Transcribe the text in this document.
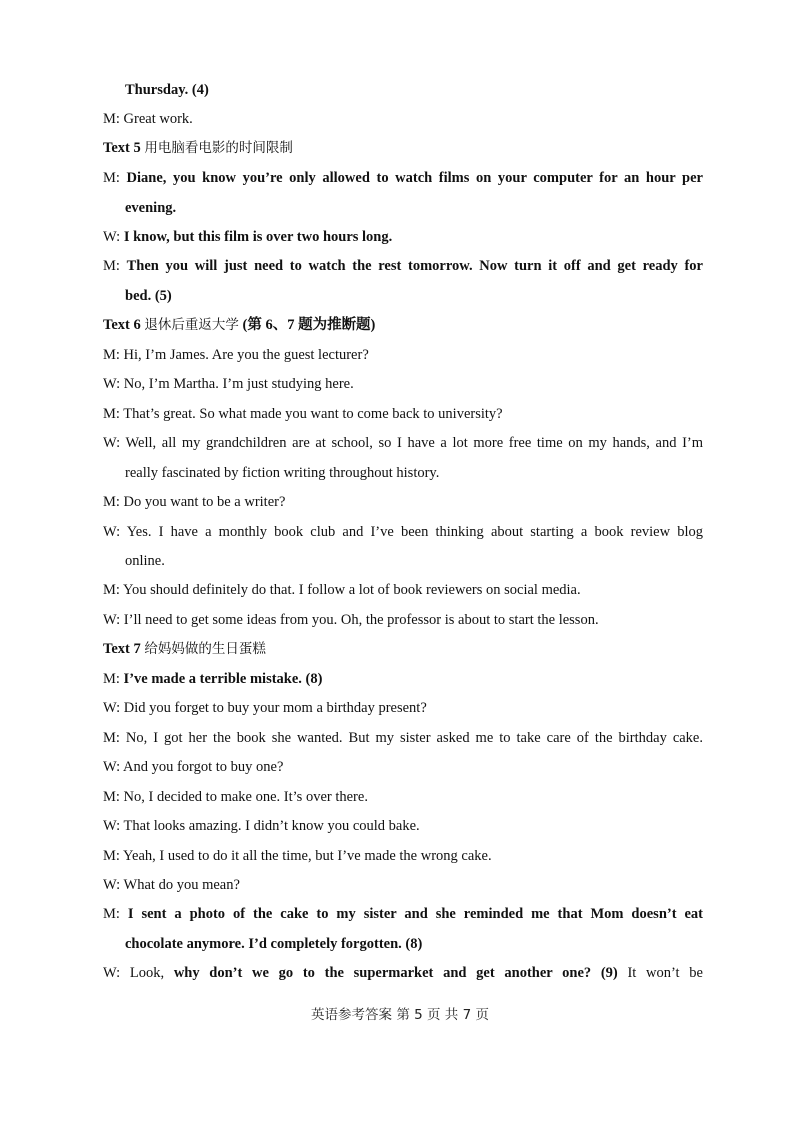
Thursday. (4)
M: Great work.
Text 5 用电脑看电影的时间限制
M: Diane, you know you’re only allowed to watch films on your computer for an hour per
evening.
W: I know, but this film is over two hours long.
M: Then you will just need to watch the rest tomorrow. Now turn it off and get ready for
bed. (5)
Text 6 退休后重返大学 (第 6、7 题为推断题)
M: Hi, I’m James. Are you the guest lecturer?
W: No, I’m Martha. I’m just studying here.
M: That’s great. So what made you want to come back to university?
W: Well, all my grandchildren are at school, so I have a lot more free time on my hands, and I’m
really fascinated by fiction writing throughout history.
M: Do you want to be a writer?
W: Yes. I have a monthly book club and I’ve been thinking about starting a book review blog
online.
M: You should definitely do that. I follow a lot of book reviewers on social media.
W: I’ll need to get some ideas from you. Oh, the professor is about to start the lesson.
Text 7 给妈妈做的生日蛋糕
M: I’ve made a terrible mistake. (8)
W: Did you forget to buy your mom a birthday present?
M: No, I got her the book she wanted. But my sister asked me to take care of the birthday cake.
W: And you forgot to buy one?
M: No, I decided to make one. It’s over there.
W: That looks amazing. I didn’t know you could bake.
M: Yeah, I used to do it all the time, but I’ve made the wrong cake.
W: What do you mean?
M: I sent a photo of the cake to my sister and she reminded me that Mom doesn’t eat
chocolate anymore. I’d completely forgotten. (8)
W: Look, why don’t we go to the supermarket and get another one? (9) It won’t be
英语参考答案 第 5 页 共 7 页
